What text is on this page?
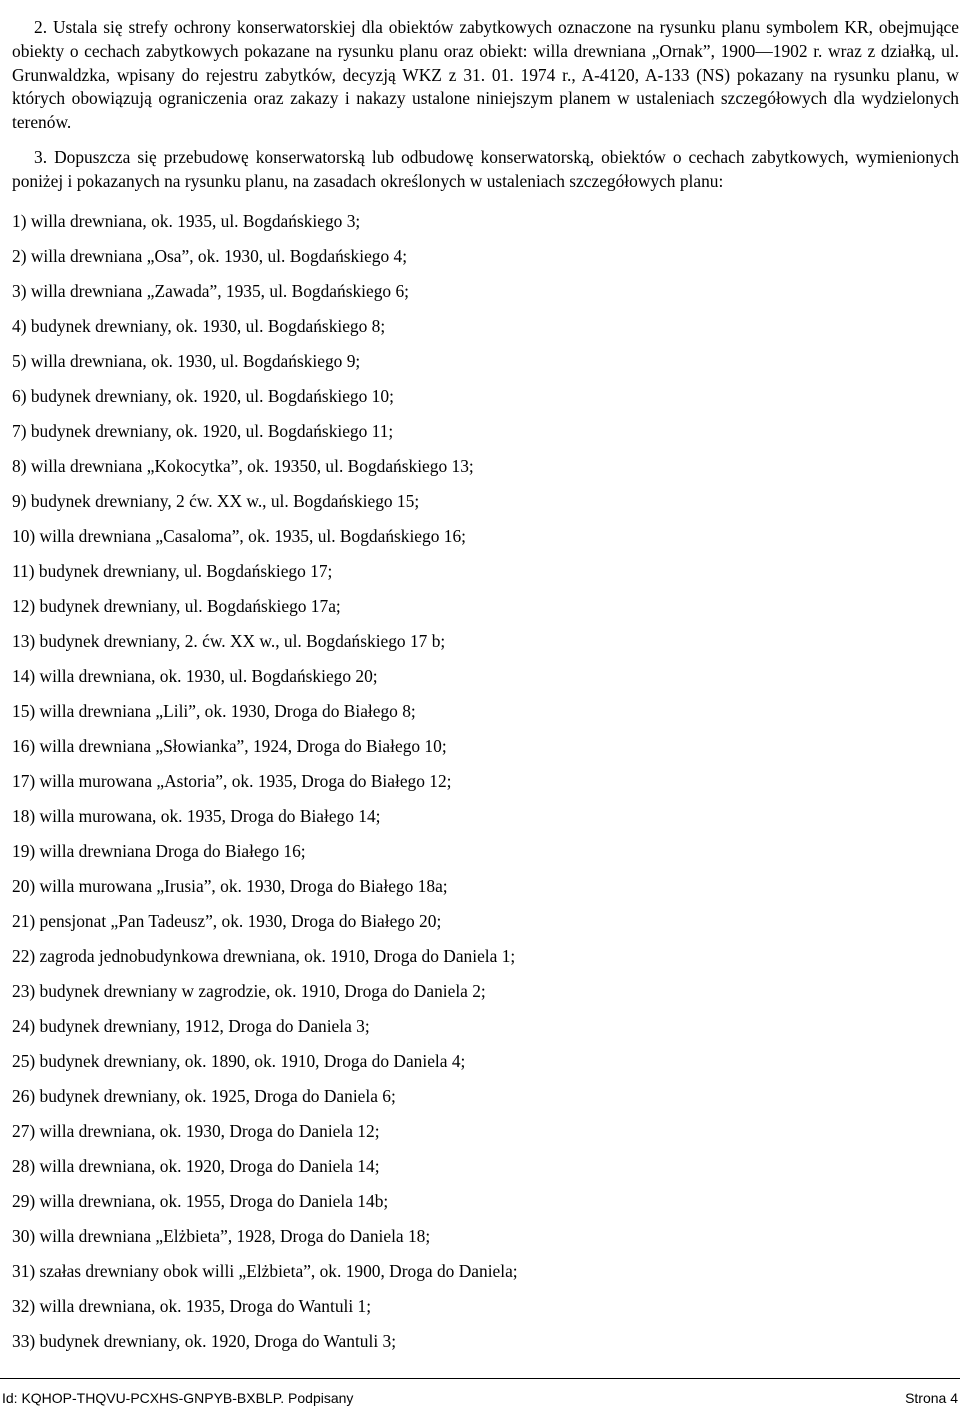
2. Ustala się strefy ochrony konserwatorskiej dla obiektów zabytkowych oznaczone na rysunku planu symbolem KR, obejmujące obiekty o cechach zabytkowych pokazane na rysunku planu oraz obiekt: willa drewniana „Ornak”, 1900—1902 r. wraz z działką, ul. Grunwaldzka, wpisany do rejestru zabytków, decyzją WKZ z 31. 01. 1974 r., A-4120, A-133 (NS) pokazany na rysunku planu, w których obowiązują ograniczenia oraz zakazy i nakazy ustalone niniejszym planem w ustaleniach szczegółowych dla wydzielonych terenów.

3. Dopuszcza się przebudowę konserwatorską lub odbudowę konserwatorską, obiektów o cechach zabytkowych, wymienionych poniżej i pokazanych na rysunku planu, na zasadach określonych w ustaleniach szczegółowych planu:

1) willa drewniana, ok. 1935, ul. Bogdańskiego 3;
2) willa drewniana „Osa”, ok. 1930, ul. Bogdańskiego 4;
3) willa drewniana „Zawada”, 1935, ul. Bogdańskiego 6;
4) budynek drewniany, ok. 1930, ul. Bogdańskiego 8;
5) willa drewniana, ok. 1930, ul. Bogdańskiego 9;
6) budynek drewniany, ok. 1920, ul. Bogdańskiego 10;
7) budynek drewniany, ok. 1920, ul. Bogdańskiego 11;
8) willa drewniana „Kokocytka”, ok. 19350, ul. Bogdańskiego 13;
9) budynek drewniany, 2 ćw. XX w., ul. Bogdańskiego 15;
10) willa drewniana „Casaloma”, ok. 1935, ul. Bogdańskiego 16;
11) budynek drewniany, ul. Bogdańskiego 17;
12) budynek drewniany, ul. Bogdańskiego 17a;
13) budynek drewniany, 2. ćw. XX w., ul. Bogdańskiego 17 b;
14) willa drewniana, ok. 1930, ul. Bogdańskiego 20;
15) willa drewniana „Lili”, ok. 1930, Droga do Białego 8;
16) willa drewniana „Słowianka”, 1924, Droga do Białego 10;
17) willa murowana „Astoria”, ok. 1935, Droga do Białego 12;
18) willa murowana, ok. 1935, Droga do Białego 14;
19) willa drewniana Droga do Białego 16;
20) willa murowana „Irusia”, ok. 1930, Droga do Białego 18a;
21) pensjonat „Pan Tadeusz”, ok. 1930, Droga do Białego 20;
22) zagroda jednobudynkowa drewniana, ok. 1910, Droga do Daniela 1;
23) budynek drewniany w zagrodzie, ok. 1910, Droga do Daniela 2;
24) budynek drewniany, 1912, Droga do Daniela 3;
25) budynek drewniany, ok. 1890, ok. 1910, Droga do Daniela 4;
26) budynek drewniany, ok. 1925, Droga do Daniela 6;
27) willa drewniana, ok. 1930, Droga do Daniela 12;
28) willa drewniana, ok. 1920, Droga do Daniela 14;
29) willa drewniana, ok. 1955, Droga do Daniela 14b;
30) willa drewniana „Elżbieta”, 1928, Droga do Daniela 18;
31) szałas drewniany obok willi „Elżbieta”, ok. 1900, Droga do Daniela;
32) willa drewniana, ok. 1935, Droga do Wantuli 1;
33) budynek drewniany, ok. 1920, Droga do Wantuli 3;
Id: KQHOP-THQVU-PCXHS-GNPYB-BXBLP. Podpisany	Strona 4
